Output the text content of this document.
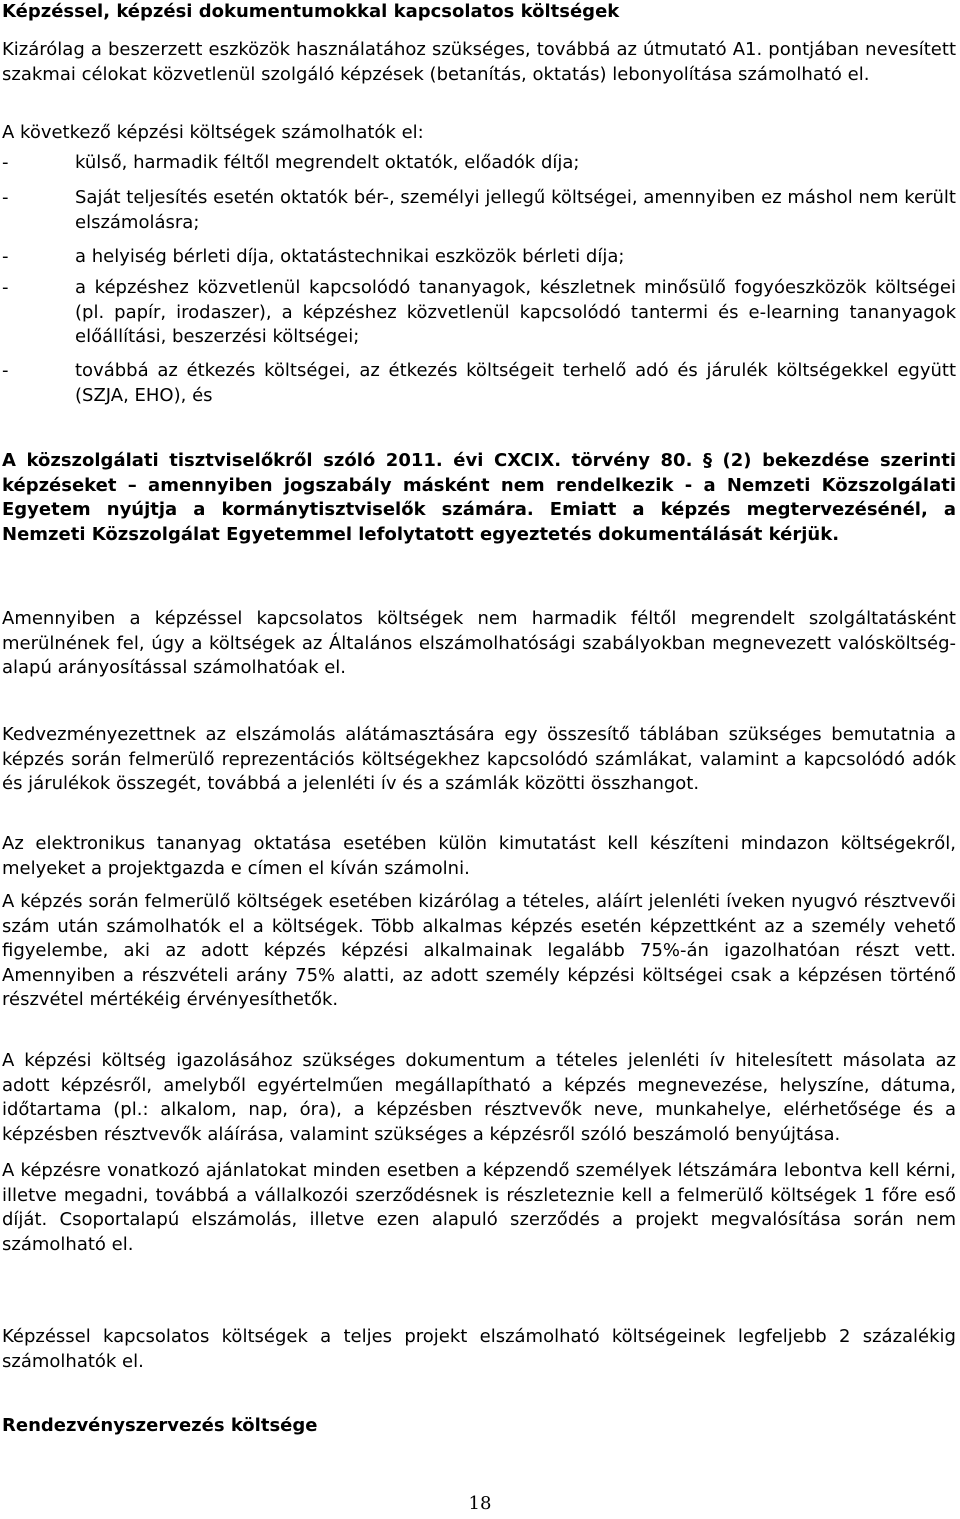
Képzéssel, képzési dokumentumokkal kapcsolatos költségek

Kizárólag a beszerzett eszközök használatához szükséges, továbbá az útmutató A1. pontjában nevesített szakmai célokat közvetlenül szolgáló képzések (betanítás, oktatás) lebonyolítása számolható el.

A következő képzési költségek számolhatók el:

-	külső, harmadik féltől megrendelt oktatók, előadók díja;
-	Saját teljesítés esetén oktatók bér-, személyi jellegű költségei, amennyiben ez máshol nem került elszámolásra;
-	a helyiség bérleti díja, oktatástechnikai eszközök bérleti díja;
-	a képzéshez közvetlenül kapcsolódó tananyagok, készletnek minősülő fogyóeszközök költségei (pl. papír, irodaszer), a képzéshez közvetlenül kapcsolódó tantermi és e-learning tananyagok előállítási, beszerzési költségei;
-	továbbá az étkezés költségei, az étkezés költségeit terhelő adó és járulék költségekkel együtt (SZJA, EHO), és

A közszolgálati tisztviselőkről szóló 2011. évi CXCIX. törvény 80. § (2) bekezdése szerinti képzéseket – amennyiben jogszabály másként nem rendelkezik - a Nemzeti Közszolgálati Egyetem nyújtja a kormánytisztviselők számára. Emiatt a képzés megtervezésénél, a Nemzeti Közszolgálat Egyetemmel lefolytatott egyeztetés dokumentálását kérjük.

Amennyiben a képzéssel kapcsolatos költségek nem harmadik féltől megrendelt szolgáltatásként merülnének fel, úgy a költségek az Általános elszámolhatósági szabályokban megnevezett valósköltség-alapú arányosítással számolhatóak el.

Kedvezményezettnek az elszámolás alátámasztására egy összesítő táblában szükséges bemutatnia a képzés során felmerülő reprezentációs költségekhez kapcsolódó számlákat, valamint a kapcsolódó adók és járulékok összegét, továbbá a jelenléti ív és a számlák közötti összhangot.

Az elektronikus tananyag oktatása esetében külön kimutatást kell készíteni mindazon költségekről, melyeket a projektgazda e címen el kíván számolni.

A képzés során felmerülő költségek esetében kizárólag a tételes, aláírt jelenléti íveken nyugvó résztvevői szám után számolhatók el a költségek. Több alkalmas képzés esetén képzettként az a személy vehető figyelembe, aki az adott képzés képzési alkalmainak legalább 75%-án igazolhatóan részt vett. Amennyiben a részvételi arány 75% alatti, az adott személy képzési költségei csak a képzésen történő részvétel mértékéig érvényesíthetők.

A képzési költség igazolásához szükséges dokumentum a tételes jelenléti ív hitelesített másolata az adott képzésről, amelyből egyértelműen megállapítható a képzés megnevezése, helyszíne, dátuma, időtartama (pl.: alkalom, nap, óra), a képzésben résztvevők neve, munkahelye, elérhetősége és a képzésben résztvevők aláírása, valamint szükséges a képzésről szóló beszámoló benyújtása.

A képzésre vonatkozó ajánlatokat minden esetben a képzendő személyek létszámára lebontva kell kérni, illetve megadni, továbbá a vállalkozói szerződésnek is részleteznie kell a felmerülő költségek 1 főre eső díját. Csoportalapú elszámolás, illetve ezen alapuló szerződés a projekt megvalósítása során nem számolható el.

Képzéssel kapcsolatos költségek a teljes projekt elszámolható költségeinek legfeljebb 2 százalékig számolhatók el.

Rendezvényszervezés költsége

18
